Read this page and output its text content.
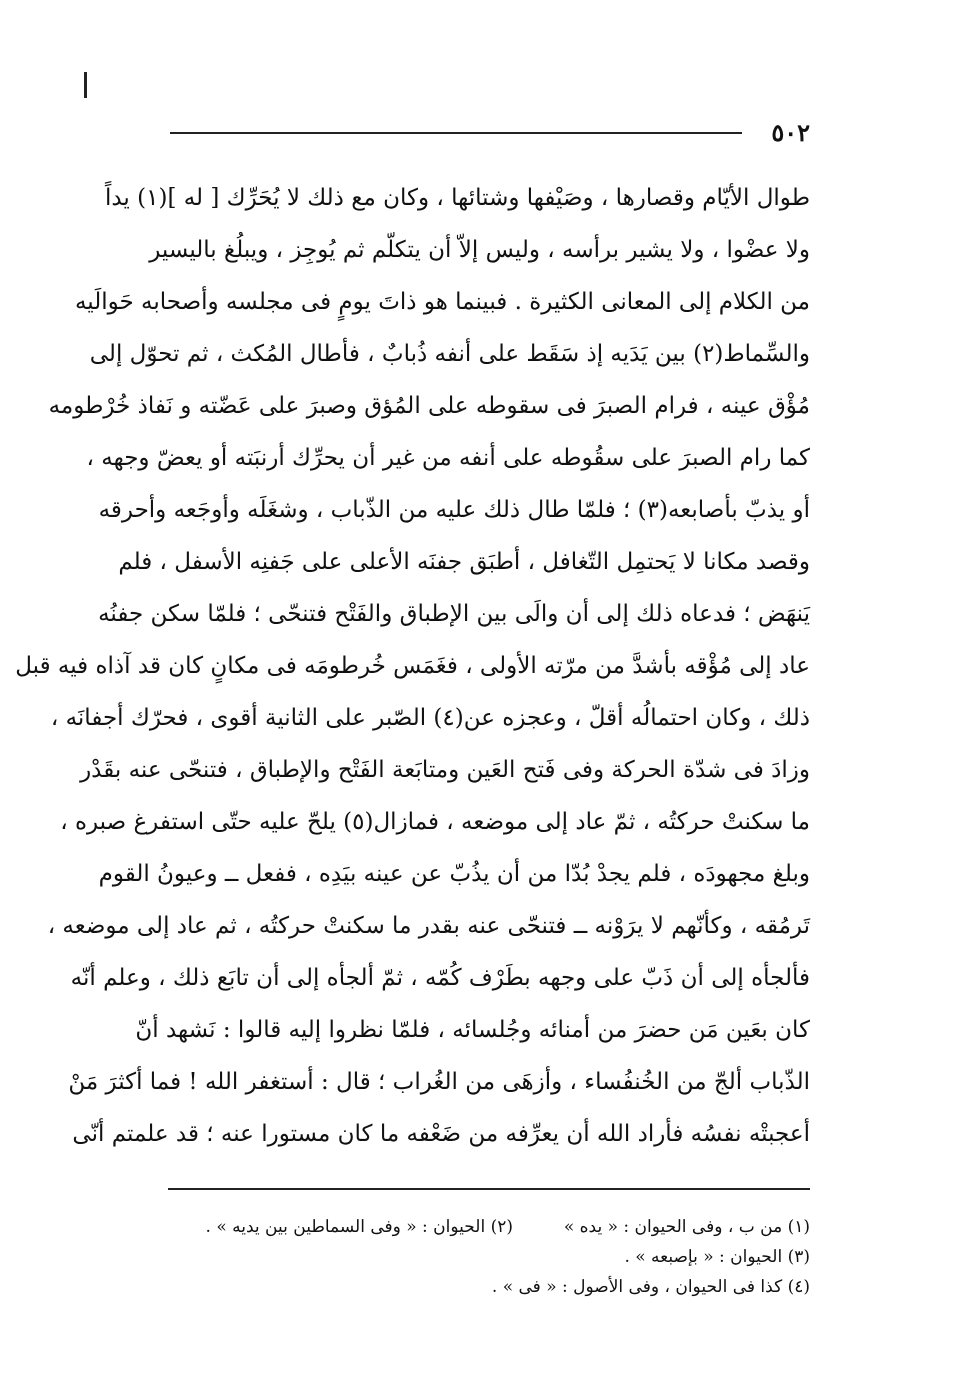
٥٠٢
طوال الأيّام وقصارها ، وصَيْفها وشتائها ، وكان مع ذلك لا يُحَرِّك [ له ](١) يداً
ولا عضْوا ، ولا يشير برأسه ، وليس إلاّ أن يتكلّم ثم يُوجِز ، ويبلُغ باليسير
من الكلام إلى المعانى الكثيرة . فبينما هو ذاتَ يومٍ فى مجلسه وأصحابه حَوالَيه
والسِّماط(٢) بين يَدَيه إذ سَقَط على أنفه ذُبابٌ ، فأطال المُكث ، ثم تحوّل إلى
مُؤْق عينه ، فرام الصبرَ فى سقوطه على المُؤق وصبرَ على عَضّته و نَفاذ خُرْطومه
كما رام الصبرَ على سقُوطه على أنفه من غير أن يحرِّك أرنبَته أو يعضّ وجهه ،
أو يذبّ بأصابعه(٣) ؛ فلمّا طال ذلك عليه من الذّباب ، وشغَلَه وأوجَعه وأحرقه
وقصد مكانا لا يَحتمِل التّغافل ، أطبَق جفنَه الأعلى على جَفنِه الأسفل ، فلم
يَنهَض ؛ فدعاه ذلك إلى أن والَى بين الإطباق والفَتْح فتنحّى ؛ فلمّا سكن جفنُه
عاد إلى مُؤْقه بأشدَّ من مرّته الأولى ، فغَمَس خُرطومَه فى مكانٍ كان قد آذاه فيه قبل
ذلك ، وكان احتمالُه أقلّ ، وعجزه عن(٤) الصّبر على الثانية أقوى ، فحرّك أجفانَه ،
وزادَ فى شدّة الحركة وفى فَتح العَين ومتابَعة الفَتْح والإطباق ، فتنحّى عنه بقَدْر
ما سكنتْ حركتُه ، ثمّ عاد إلى موضعه ، فمازال(٥) يلحّ عليه حتّى استفرغ صبره ،
وبلغ مجهودَه ، فلم يجدْ بُدّا من أن يذُبّ عن عينه بيَدِه ، ففعل ــ وعيونُ القوم
تَرمُقه ، وكأنّهم لا يرَوْنه ــ فتنحّى عنه بقدر ما سكنتْ حركتُه ، ثم عاد إلى موضعه ،
فألجأه إلى أن ذَبّ على وجهه بطَرْف كُمّه ، ثمّ ألجأه إلى أن تابَع ذلك ، وعلم أنّه
كان بعَين مَن حضرَ من أمنائه وجُلسائه ، فلمّا نظروا إليه قالوا : نَشهد أنّ
الذّباب ألجّ من الخُنفُساء ، وأزهَى من الغُراب ؛ قال : أستغفر الله ! فما أكثرَ مَنْ
أعجبتْه نفسُه فأراد الله أن يعرِّفه من ضَعْفه ما كان مستورا عنه ؛ قد علمتم أنّى
(١) من ب ، وفى الحيوان : « يده »  (٢) الحيوان : « وفى السماطين بين يديه » .
(٣) الحيوان : « بإصبعه » .
(٤) كذا فى الحيوان ، وفى الأصول : « فى » .
